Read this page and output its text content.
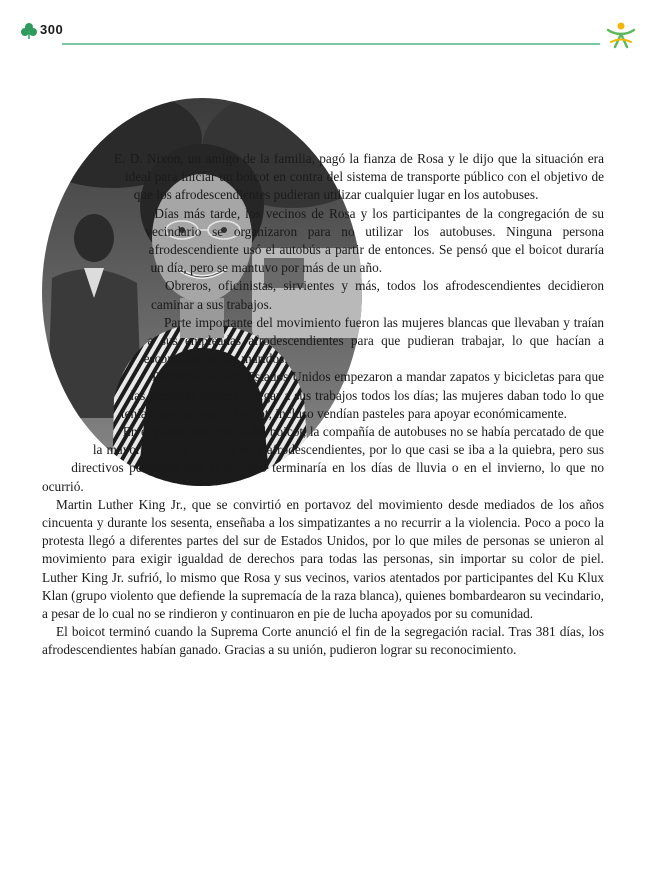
300

E. D. Nixon, un amigo de la familia, pagó la fianza de Rosa y le dijo que la situación era ideal para iniciar un boicot en contra del sistema de transporte público con el objetivo de que los afrodescendientes pudieran utilizar cualquier lugar en los autobuses.

Días más tarde, los vecinos de Rosa y los participantes de la congregación de su vecindario se organizaron para no utilizar los autobuses. Ninguna persona afrodescendiente usó el autobús a partir de entonces. Se pensó que el boicot duraría un día, pero se mantuvo por más de un año.

Obreros, oficinistas, sirvientes y más, todos los afrodescendientes decidieron caminar a sus trabajos.

Parte importante del movimiento fueron las mujeres blancas que llevaban y traían a sus empleadas afrodescendientes para que pudieran trabajar, lo que hacían a escondidas de sus maridos.

Personas de todo Estados Unidos empezaron a mandar zapatos y bicicletas para que las personas pudieran llegar a sus trabajos todos los días; las mujeres daban todo lo que tenían para apoyar el boicot, incluso vendían pasteles para apoyar económicamente.

En el punto más crítico del boicot, la compañía de autobuses no se había percatado de que la mayoría de sus usuarios eran afrodescendientes, por lo que casi se iba a la quiebra, pero sus directivos pensaban que el bloqueo terminaría en los días de lluvia o en el invierno, lo que no ocurrió.

Martin Luther King Jr., que se convirtió en portavoz del movimiento desde mediados de los años cincuenta y durante los sesenta, enseñaba a los simpatizantes a no recurrir a la violencia. Poco a poco la protesta llegó a diferentes partes del sur de Estados Unidos, por lo que miles de personas se unieron al movimiento para exigir igualdad de derechos para todas las personas, sin importar su color de piel. Luther King Jr. sufrió, lo mismo que Rosa y sus vecinos, varios atentados por participantes del Ku Klux Klan (grupo violento que defiende la supremacía de la raza blanca), quienes bombardearon su vecindario, a pesar de lo cual no se rindieron y continuaron en pie de lucha apoyados por su comunidad.

El boicot terminó cuando la Suprema Corte anunció el fin de la segregación racial. Tras 381 días, los afrodescendientes habían ganado. Gracias a su unión, pudieron lograr su reconocimiento.
